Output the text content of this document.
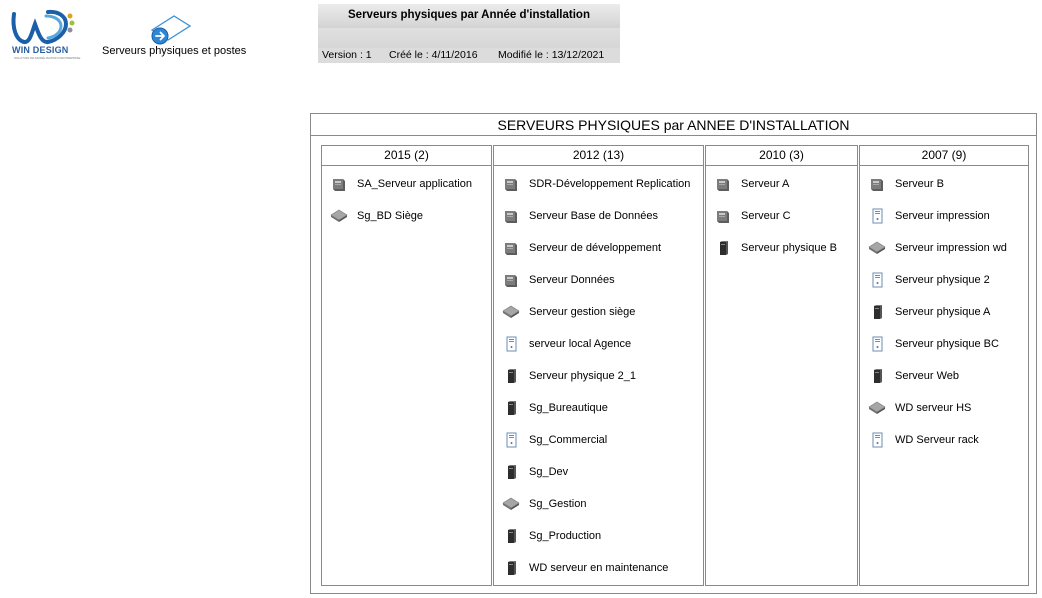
WIN DESIGN
SOLUTION DE MODÉLISATION D'ENTREPRISE
Serveurs physiques et postes
Serveurs physiques par Année d'installation
Version : 1 Créé le : 4/11/2016 Modifié le : 13/12/2021
SERVEURS PHYSIQUES par ANNEE D'INSTALLATION
2015 (2)
SA_Serveur application
Sg_BD Siège
2012 (13)
SDR-Développement Replication
Serveur Base de Données
Serveur de développement
Serveur Données
Serveur gestion siège
serveur local Agence
Serveur physique 2_1
Sg_Bureautique
Sg_Commercial
Sg_Dev
Sg_Gestion
Sg_Production
WD serveur en maintenance
2010 (3)
Serveur A
Serveur C
Serveur physique B
2007 (9)
Serveur B
Serveur impression
Serveur impression wd
Serveur physique 2
Serveur physique A
Serveur physique BC
Serveur Web
WD serveur HS
WD Serveur rack
